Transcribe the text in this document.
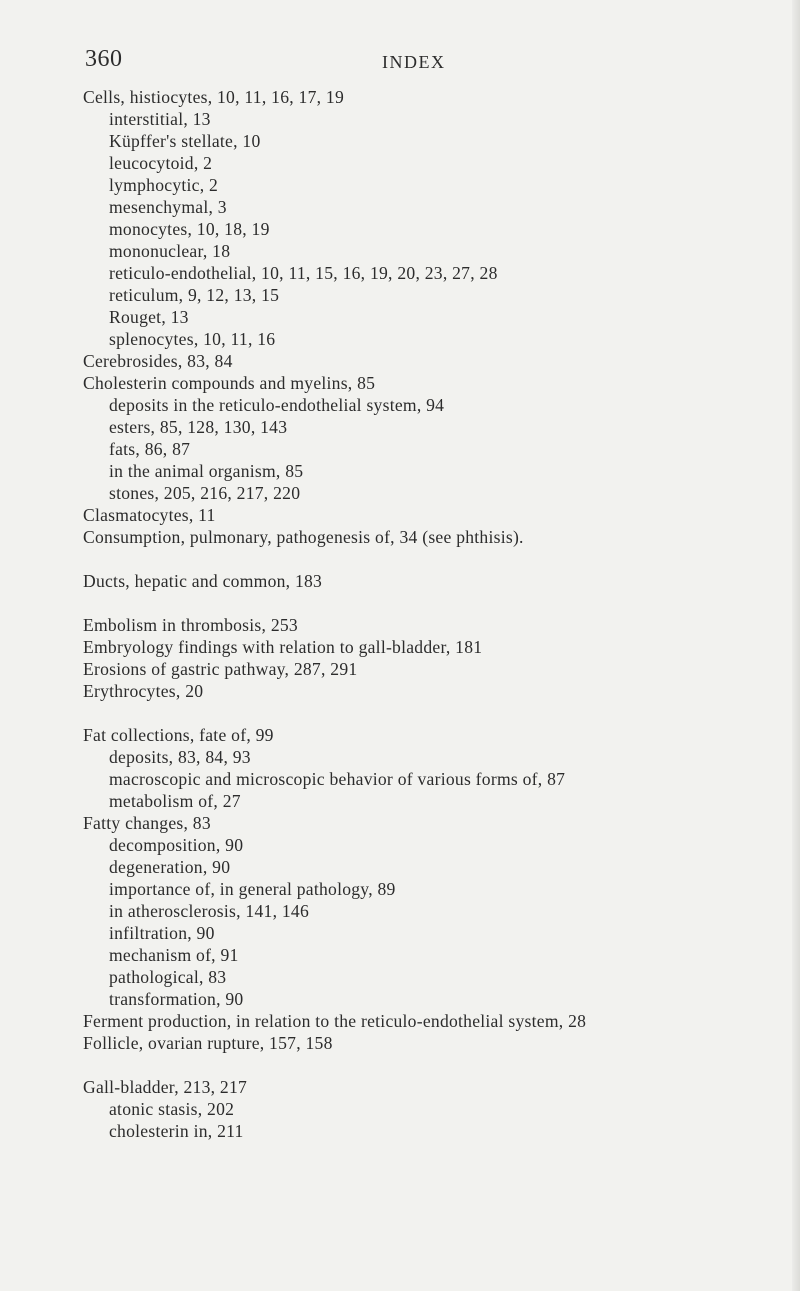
360	INDEX
Cells, histiocytes, 10, 11, 16, 17, 19
interstitial, 13
Küpffer's stellate, 10
leucocytoid, 2
lymphocytic, 2
mesenchymal, 3
monocytes, 10, 18, 19
mononuclear, 18
reticulo-endothelial, 10, 11, 15, 16, 19, 20, 23, 27, 28
reticulum, 9, 12, 13, 15
Rouget, 13
splenocytes, 10, 11, 16
Cerebrosides, 83, 84
Cholesterin compounds and myelins, 85
deposits in the reticulo-endothelial system, 94
esters, 85, 128, 130, 143
fats, 86, 87
in the animal organism, 85
stones, 205, 216, 217, 220
Clasmatocytes, 11
Consumption, pulmonary, pathogenesis of, 34 (see phthisis).
Ducts, hepatic and common, 183
Embolism in thrombosis, 253
Embryology findings with relation to gall-bladder, 181
Erosions of gastric pathway, 287, 291
Erythrocytes, 20
Fat collections, fate of, 99
deposits, 83, 84, 93
macroscopic and microscopic behavior of various forms of, 87
metabolism of, 27
Fatty changes, 83
decomposition, 90
degeneration, 90
importance of, in general pathology, 89
in atherosclerosis, 141, 146
infiltration, 90
mechanism of, 91
pathological, 83
transformation, 90
Ferment production, in relation to the reticulo-endothelial system, 28
Follicle, ovarian rupture, 157, 158
Gall-bladder, 213, 217
atonic stasis, 202
cholesterin in, 211
